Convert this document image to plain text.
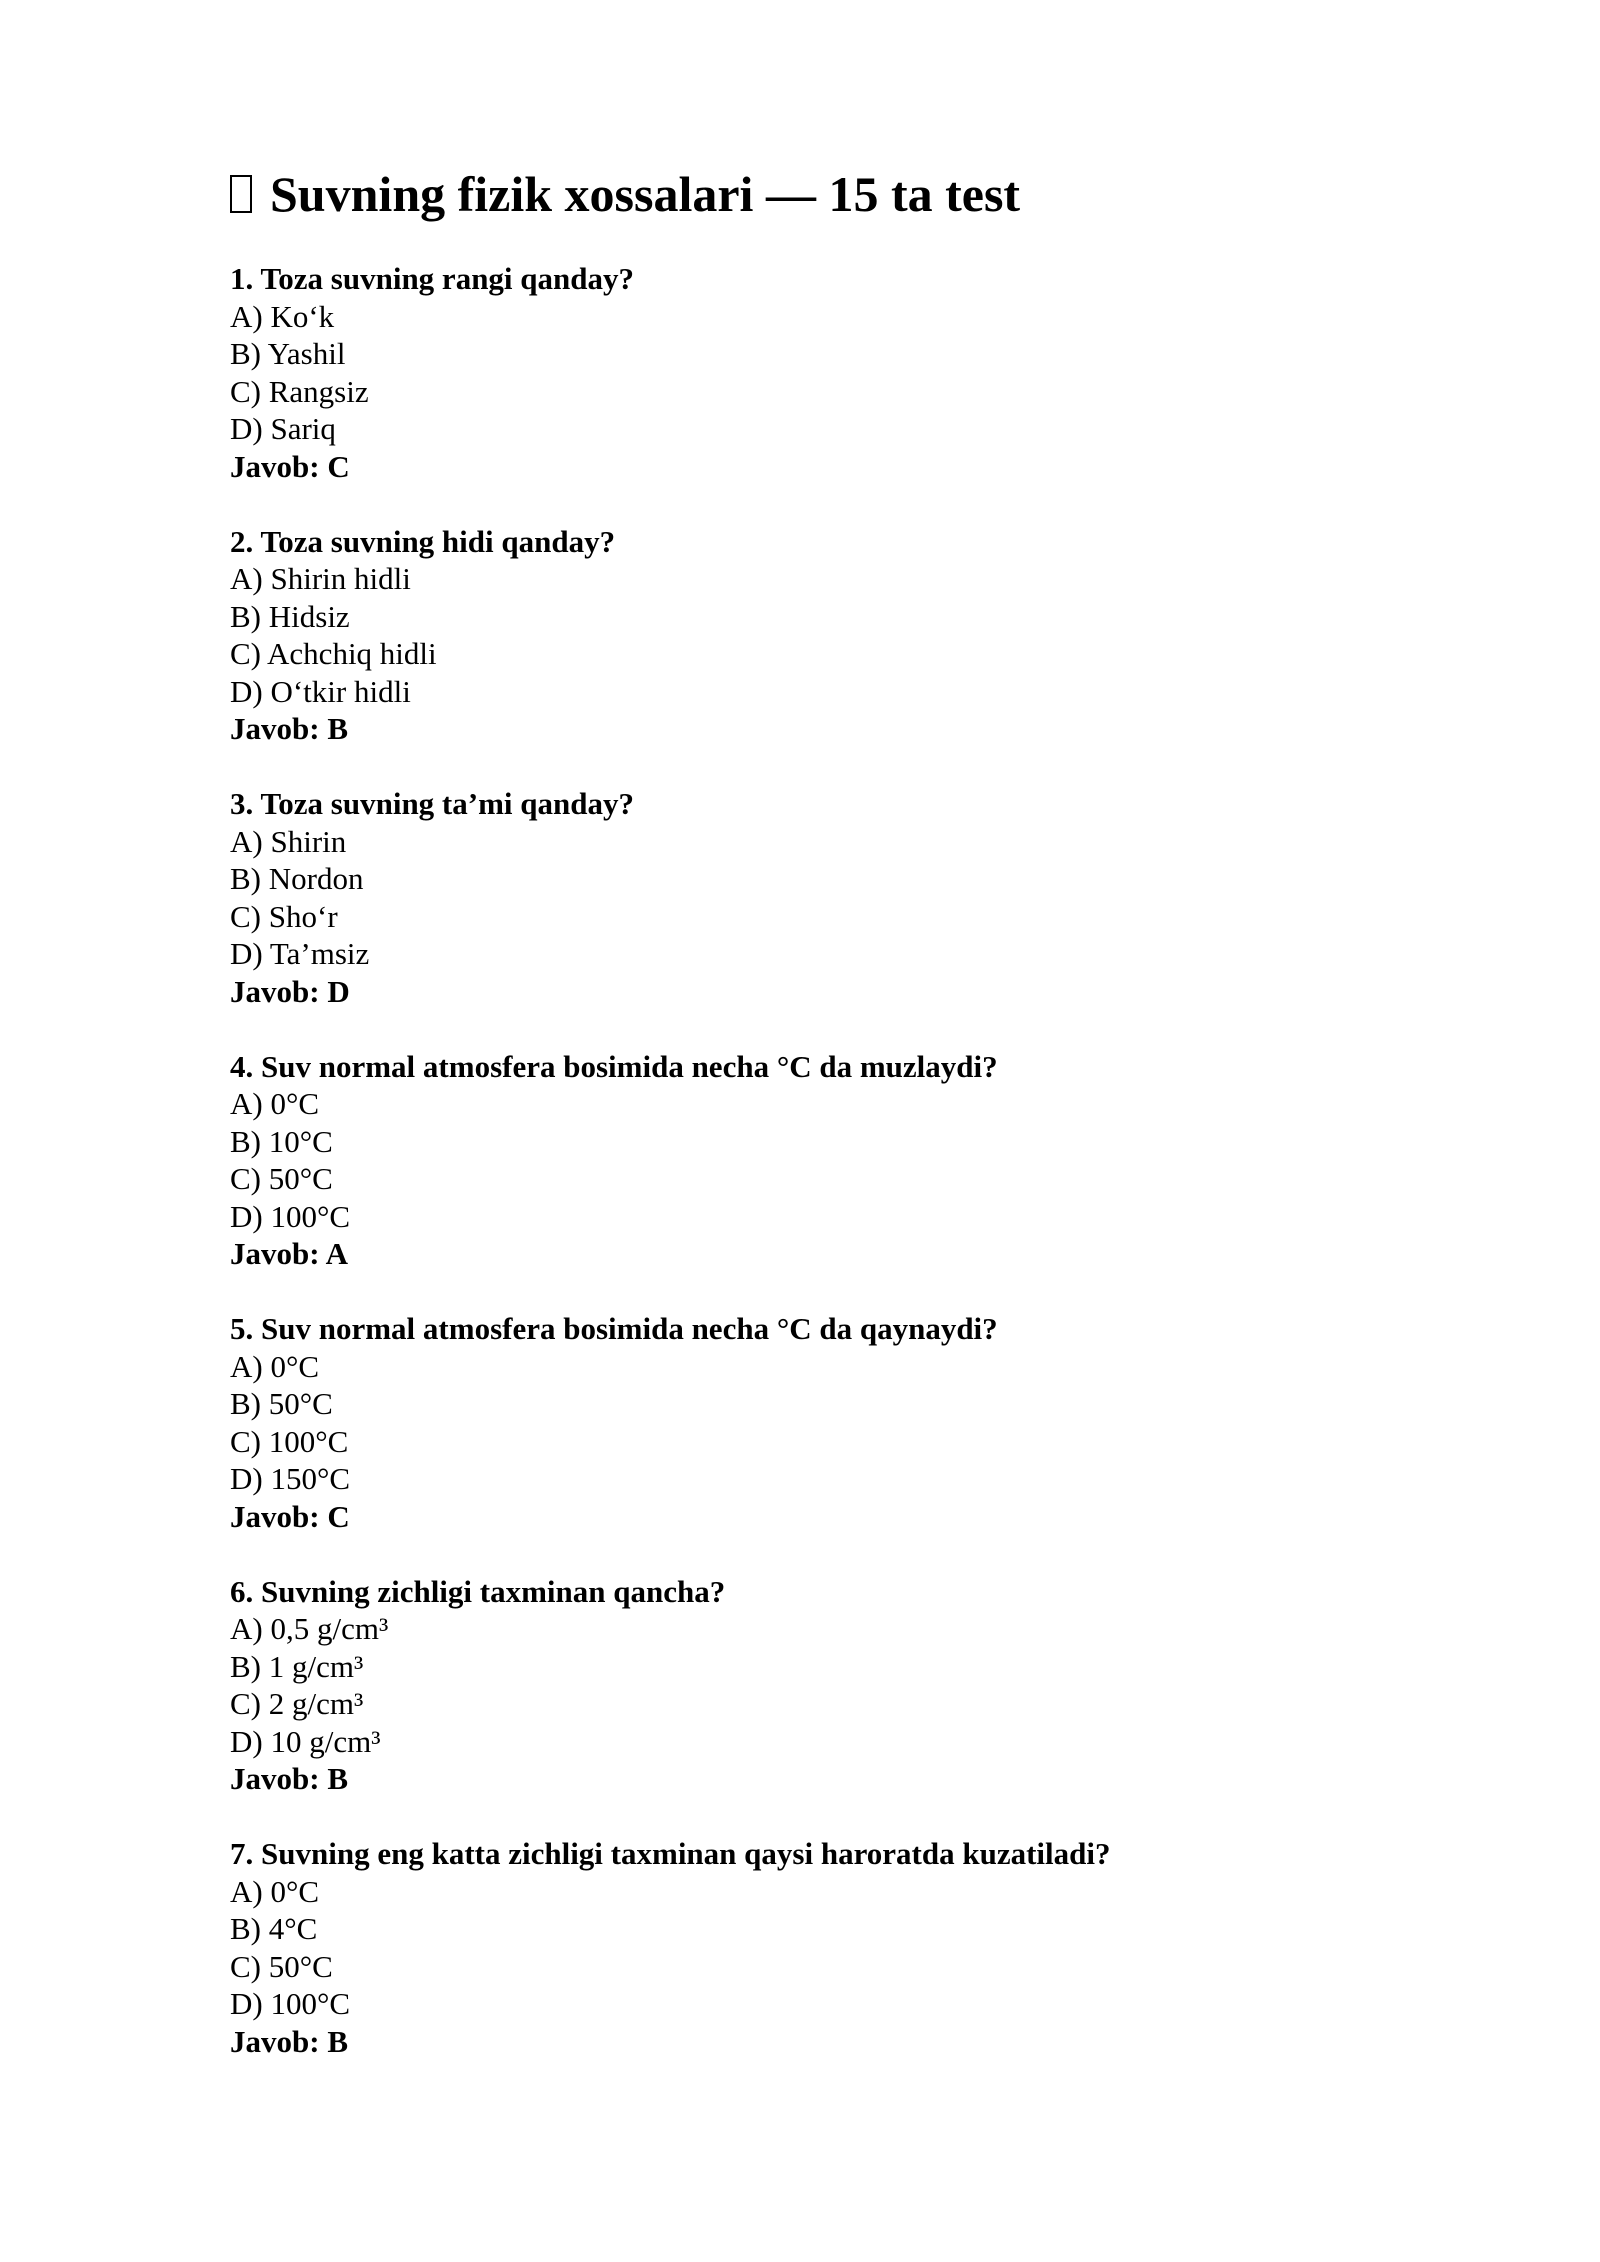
Suvning fizik xossalari — 15 ta test
1. Toza suvning rangi qanday?
A) Ko‘k
B) Yashil
C) Rangsiz
D) Sariq
Javob: C
2. Toza suvning hidi qanday?
A) Shirin hidli
B) Hidsiz
C) Achchiq hidli
D) O‘tkir hidli
Javob: B
3. Toza suvning ta’mi qanday?
A) Shirin
B) Nordon
C) Sho‘r
D) Ta’msiz
Javob: D
4. Suv normal atmosfera bosimida necha °C da muzlaydi?
A) 0°C
B) 10°C
C) 50°C
D) 100°C
Javob: A
5. Suv normal atmosfera bosimida necha °C da qaynaydi?
A) 0°C
B) 50°C
C) 100°C
D) 150°C
Javob: C
6. Suvning zichligi taxminan qancha?
A) 0,5 g/cm³
B) 1 g/cm³
C) 2 g/cm³
D) 10 g/cm³
Javob: B
7. Suvning eng katta zichligi taxminan qaysi haroratda kuzatiladi?
A) 0°C
B) 4°C
C) 50°C
D) 100°C
Javob: B
